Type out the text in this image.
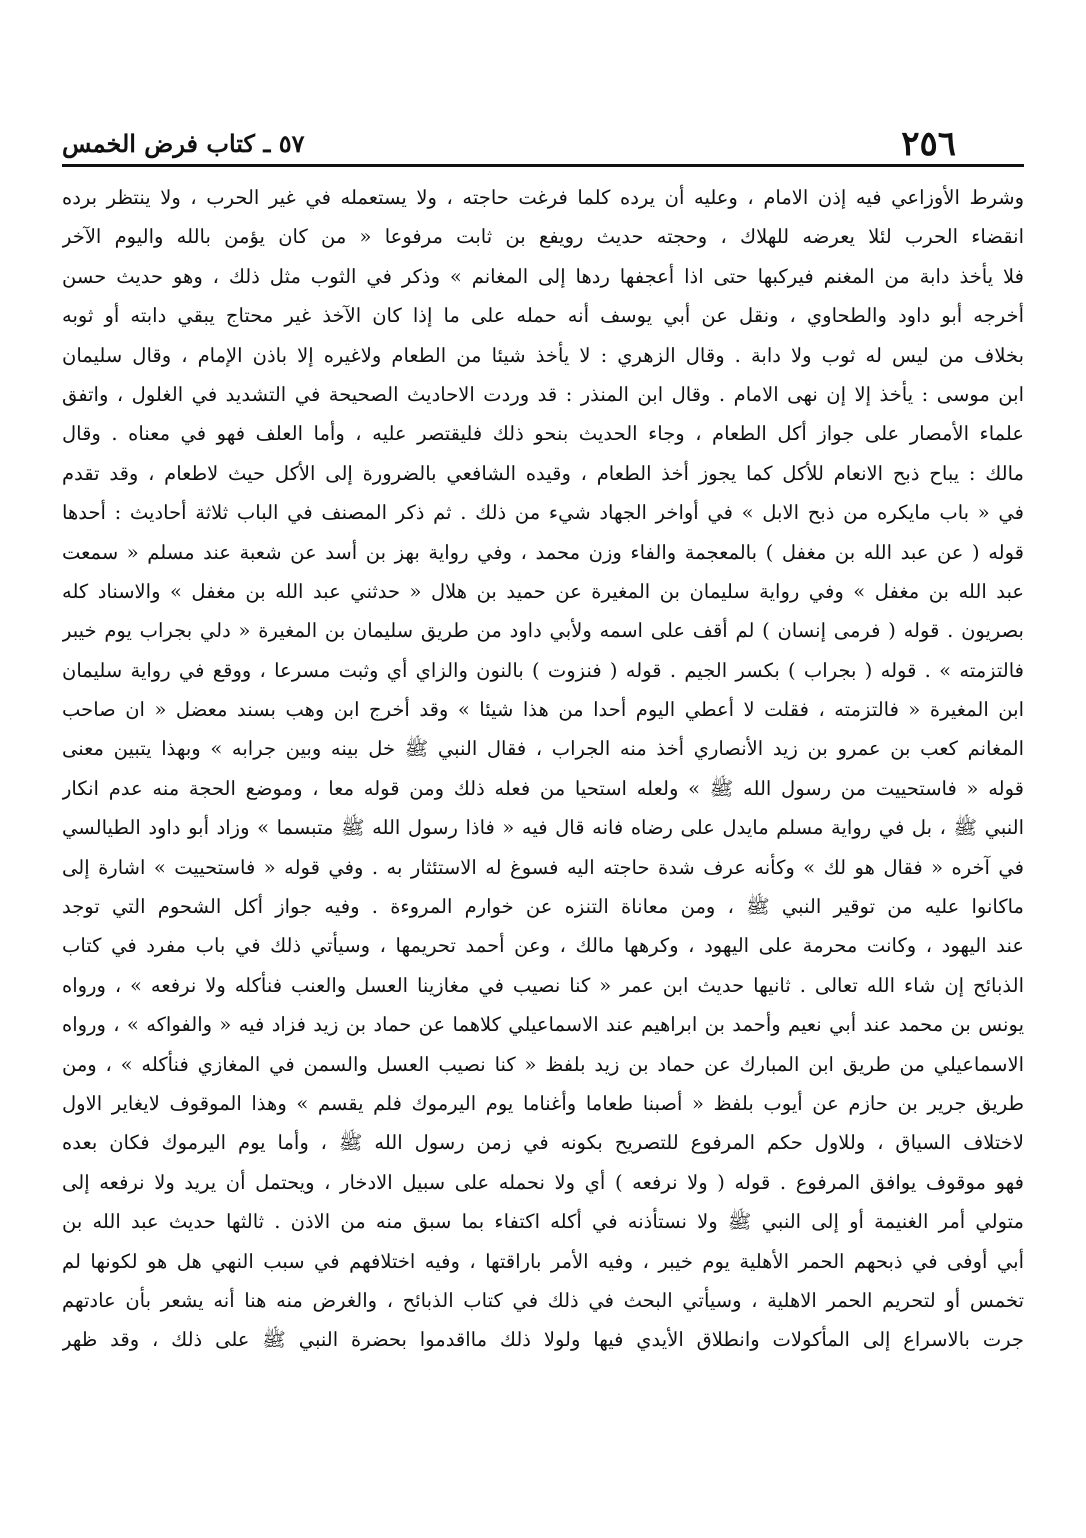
٢٥٦
٥٧ ـ كتاب فرض الخمس
وشرط الأوزاعي فيه إذن الامام ، وعليه أن يرده كلما فرغت حاجته ، ولا يستعمله في غير الحرب ، ولا ينتظر برده
انقضاء الحرب لئلا يعرضه للهلاك ، وحجته حديث رويفع بن ثابت مرفوعا « من كان يؤمن بالله واليوم الآخر
فلا يأخذ دابة من المغنم فيركبها حتى اذا أعجفها ردها إلى المغانم » وذكر في الثوب مثل ذلك ، وهو حديث حسن
أخرجه أبو داود والطحاوي ، ونقل عن أبي يوسف أنه حمله على ما إذا كان الآخذ غير محتاج يبقي دابته أو ثوبه
بخلاف من ليس له ثوب ولا دابة . وقال الزهري : لا يأخذ شيئا من الطعام ولاغيره إلا باذن الإمام ، وقال سليمان
ابن موسى : يأخذ إلا إن نهى الامام . وقال ابن المنذر : قد وردت الاحاديث الصحيحة في التشديد في الغلول ، واتفق
علماء الأمصار على جواز أكل الطعام ، وجاء الحديث بنحو ذلك فليقتصر عليه ، وأما العلف فهو في معناه . وقال
مالك : يباح ذبح الانعام للأكل كما يجوز أخذ الطعام ، وقيده الشافعي بالضرورة إلى الأكل حيث لاطعام ، وقد تقدم
في « باب مايكره من ذبح الابل » في أواخر الجهاد شيء من ذلك . ثم ذكر المصنف في الباب ثلاثة أحاديث : أحدها
قوله ( عن عبد الله بن مغفل ) بالمعجمة والفاء وزن محمد ، وفي رواية بهز بن أسد عن شعبة عند مسلم « سمعت
عبد الله بن مغفل » وفي رواية سليمان بن المغيرة عن حميد بن هلال « حدثني عبد الله بن مغفل » والاسناد كله
بصريون . قوله ( فرمى إنسان ) لم أقف على اسمه ولأبي داود من طريق سليمان بن المغيرة « دلي بجراب يوم خيبر
فالتزمته » . قوله ( بجراب ) بكسر الجيم . قوله ( فنزوت ) بالنون والزاي أي وثبت مسرعا ، ووقع في رواية سليمان
ابن المغيرة « فالتزمته ، فقلت لا أعطي اليوم أحدا من هذا شيئا » وقد أخرج ابن وهب بسند معضل « ان صاحب
المغانم كعب بن عمرو بن زيد الأنصاري أخذ منه الجراب ، فقال النبي ﷺ خل بينه وبين جرابه » وبهذا يتبين معنى
قوله « فاستحييت من رسول الله ﷺ » ولعله استحيا من فعله ذلك ومن قوله معا ، وموضع الحجة منه عدم انكار
النبي ﷺ ، بل في رواية مسلم مايدل على رضاه فانه قال فيه « فاذا رسول الله ﷺ متبسما » وزاد أبو داود الطيالسي
في آخره « فقال هو لك » وكأنه عرف شدة حاجته اليه فسوغ له الاستئثار به . وفي قوله « فاستحييت » اشارة إلى
ماكانوا عليه من توقير النبي ﷺ ، ومن معاناة التنزه عن خوارم المروءة . وفيه جواز أكل الشحوم التي توجد
عند اليهود ، وكانت محرمة على اليهود ، وكرهها مالك ، وعن أحمد تحريمها ، وسيأتي ذلك في باب مفرد في كتاب
الذبائح إن شاء الله تعالى . ثانيها حديث ابن عمر « كنا نصيب في مغازينا العسل والعنب فنأكله ولا نرفعه » ، ورواه
يونس بن محمد عند أبي نعيم وأحمد بن ابراهيم عند الاسماعيلي كلاهما عن حماد بن زيد فزاد فيه « والفواكه » ، ورواه
الاسماعيلي من طريق ابن المبارك عن حماد بن زيد بلفظ « كنا نصيب العسل والسمن في المغازي فنأكله » ، ومن
طريق جرير بن حازم عن أيوب بلفظ « أصبنا طعاما وأغناما يوم اليرموك فلم يقسم » وهذا الموقوف لايغاير الاول
لاختلاف السياق ، وللاول حكم المرفوع للتصريح بكونه في زمن رسول الله ﷺ ، وأما يوم اليرموك فكان بعده
فهو موقوف يوافق المرفوع . قوله ( ولا نرفعه ) أي ولا نحمله على سبيل الادخار ، ويحتمل أن يريد ولا نرفعه إلى
متولي أمر الغنيمة أو إلى النبي ﷺ ولا نستأذنه في أكله اكتفاء بما سبق منه من الاذن . ثالثها حديث عبد الله بن
أبي أوفى في ذبحهم الحمر الأهلية يوم خيبر ، وفيه الأمر باراقتها ، وفيه اختلافهم في سبب النهي هل هو لكونها لم
تخمس أو لتحريم الحمر الاهلية ، وسيأتي البحث في ذلك في كتاب الذبائح ، والغرض منه هنا أنه يشعر بأن عادتهم
جرت بالاسراع إلى المأكولات وانطلاق الأيدي فيها ولولا ذلك مااقدموا بحضرة النبي ﷺ على ذلك ، وقد ظهر
